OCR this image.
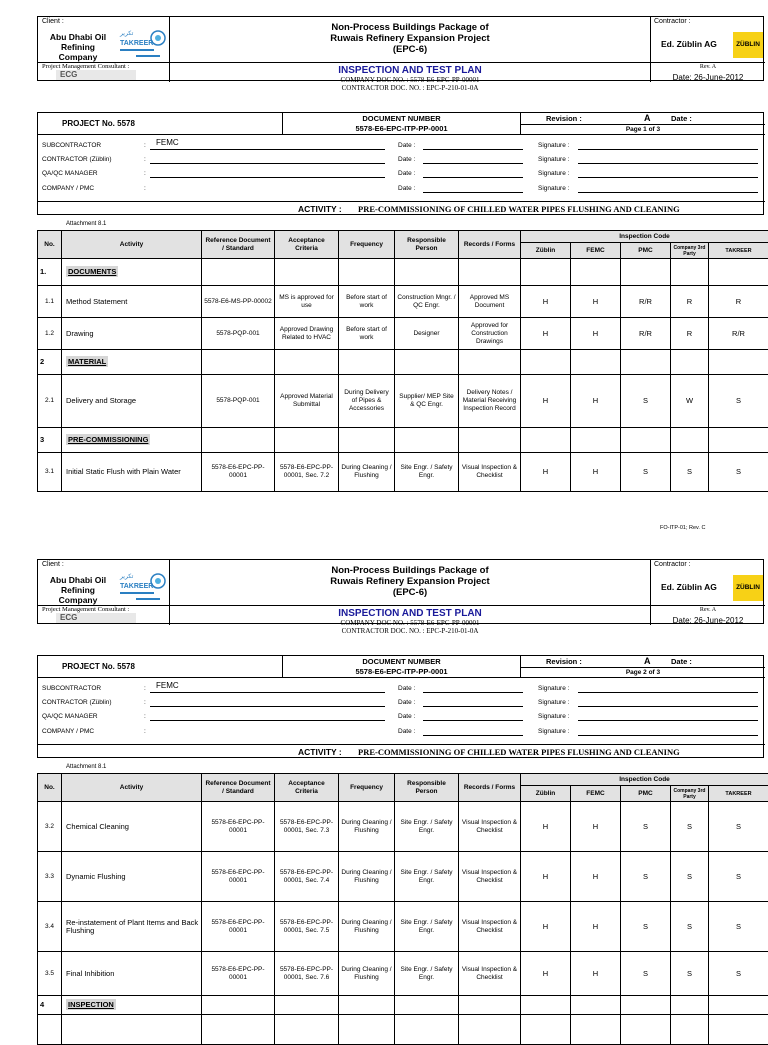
Client :
Abu Dhabi Oil Refining Company
تكرير
TAKREER
Project Management Consultant :
ECG
Non-Process Buildings Package of
Ruwais Refinery Expansion Project
(EPC-6)
INSPECTION AND TEST PLAN
COMPANY DOC NO. : 5578-E6-EPC-PP-00001
CONTRACTOR DOC. NO. : EPC-P-210-01-0A
Contractor :
Ed. Züblin AG	ZÜBLIN
Rev. A
Date: 26-June-2012
PROJECT No. 5578
DOCUMENT NUMBER
5578-E6-EPC-ITP-PP-0001
Revision :	A	Date :
Page 1 of 3
SUBCONTRACTOR	: FEMC	Date :	Signature :
CONTRACTOR (Züblin)	:	Date :	Signature :
QA/QC MANAGER	:	Date :	Signature :
COMPANY / PMC	:	Date :	Signature :
ACTIVITY : PRE-COMMISSIONING OF CHILLED WATER PIPES FLUSHING AND CLEANING
Attachment 8.1
No.	Activity	Reference Document / Standard	Acceptance Criteria	Frequency	Responsible Person	Records / Forms	Inspection Code				
							Züblin	FEMC	PMC	Company 3rd Party	TAKREER
1.	DOCUMENTS										
1.1	Method Statement	5578-E6-MS-PP-00002	MS is approved for use	Before start of work	Construction Mngr. / QC Engr.	Approved MS Document	H	H	R/R	R	R
1.2	Drawing	5578-PQP-001	Approved Drawing Related to HVAC	Before start of work	Designer	Approved for Construction Drawings	H	H	R/R	R	R/R
2	MATERIAL										
2.1	Delivery and Storage	5578-PQP-001	Approved Material Submittal	During Delivery of Pipes & Accessories	Supplier/ MEP Site & QC Engr.	Delivery Notes / Material Receiving Inspection Record	H	H	S	W	S
3	PRE-COMMISSIONING										
3.1	Initial Static Flush with Plain Water	5578-E6-EPC-PP-00001	5578-E6-EPC-PP-00001, Sec. 7.2	During Cleaning / Flushing	Site Engr. / Safety Engr.	Visual Inspection & Checklist	H	H	S	S	S
FO-ITP-01; Rev. C
Client :
Abu Dhabi Oil Refining Company
تكرير
TAKREER
Project Management Consultant :
ECG
Non-Process Buildings Package of
Ruwais Refinery Expansion Project
(EPC-6)
INSPECTION AND TEST PLAN
COMPANY DOC NO. : 5578-E6-EPC-PP-00001
CONTRACTOR DOC. NO. : EPC-P-210-01-0A
Contractor :
Ed. Züblin AG	ZÜBLIN
Rev. A
Date: 26-June-2012
PROJECT No. 5578
DOCUMENT NUMBER
5578-E6-EPC-ITP-PP-0001
Revision :	A	Date :
Page 2 of 3
SUBCONTRACTOR	: FEMC	Date :	Signature :
CONTRACTOR (Züblin)	:	Date :	Signature :
QA/QC MANAGER	:	Date :	Signature :
COMPANY / PMC	:	Date :	Signature :
ACTIVITY : PRE-COMMISSIONING OF CHILLED WATER PIPES FLUSHING AND CLEANING
Attachment 8.1
No.	Activity	Reference Document / Standard	Acceptance Criteria	Frequency	Responsible Person	Records / Forms	Inspection Code				
							Züblin	FEMC	PMC	Company 3rd Party	TAKREER
3.2	Chemical Cleaning	5578-E6-EPC-PP-00001	5578-E6-EPC-PP-00001, Sec. 7.3	During Cleaning / Flushing	Site Engr. / Safety Engr.	Visual Inspection & Checklist	H	H	S	S	S
3.3	Dynamic Flushing	5578-E6-EPC-PP-00001	5578-E6-EPC-PP-00001, Sec. 7.4	During Cleaning / Flushing	Site Engr. / Safety Engr.	Visual Inspection & Checklist	H	H	S	S	S
3.4	Re-instatement of Plant Items and Back Flushing	5578-E6-EPC-PP-00001	5578-E6-EPC-PP-00001, Sec. 7.5	During Cleaning / Flushing	Site Engr. / Safety Engr.	Visual Inspection & Checklist	H	H	S	S	S
3.5	Final Inhibition	5578-E6-EPC-PP-00001	5578-E6-EPC-PP-00001, Sec. 7.6	During Cleaning / Flushing	Site Engr. / Safety Engr.	Visual Inspection & Checklist	H	H	S	S	S
4	INSPECTION										
